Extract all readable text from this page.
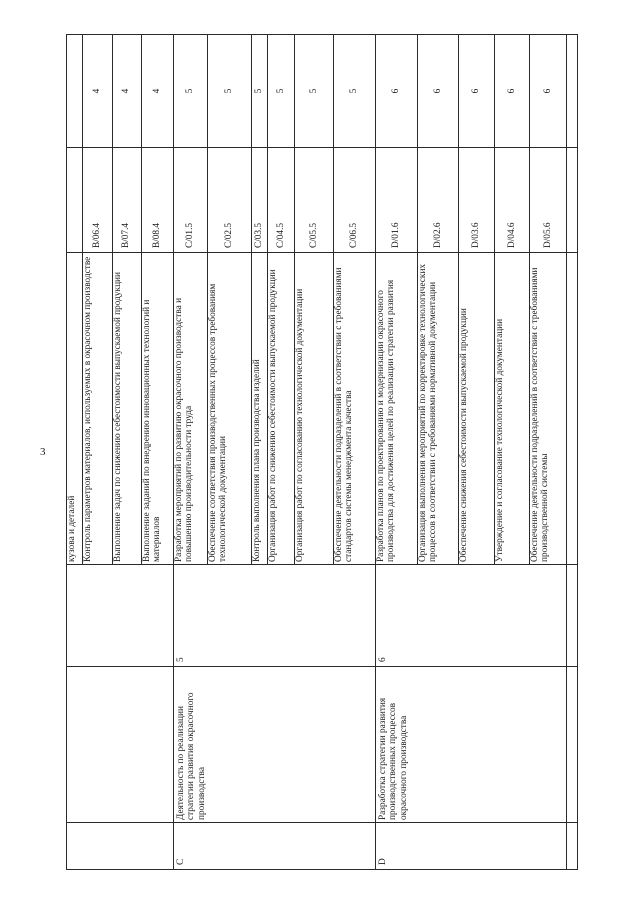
3
			кузова и деталей		
			Контроль параметров материалов, используемых в окрасочном производстве	B/06.4	4
			Выполнение задач по снижению себестоимости выпускаемой продукции	B/07.4	4
			Выполнение заданий по внедрению инновационных технологий и материалов	B/08.4	4
C	Деятельность по реализации стратегии развития окрасочного производства	5	Разработка мероприятий по развитию окрасочного производства и повышению производительности труда	C/01.5	5
			Обеспечение соответствия производственных процессов требованиям технологической документации	C/02.5	5
			Контроль выполнения плана производства изделий	C/03.5	5
			Организация работ по снижению себестоимости выпускаемой продукции	C/04.5	5
			Организация работ по согласованию технологической документации	C/05.5	5
			Обеспечение деятельности подразделений в соответствии с требованиями стандартов системы менеджмента качества	C/06.5	5
D	Разработка стратегии развития производственных процессов окрасочного производства	6	Разработка планов по проектированию и модернизации окрасочного производства для достижения целей по реализации стратегии развития	D/01.6	6
			Организация выполнения мероприятий по корректировке технологических процессов в соответствии с требованиями нормативной документации	D/02.6	6
			Обеспечение снижения себестоимости выпускаемой продукции	D/03.6	6
			Утверждение и согласование технологической документации	D/04.6	6
			Обеспечение деятельности подразделений в соответствии с требованиями производственной системы	D/05.6	6
